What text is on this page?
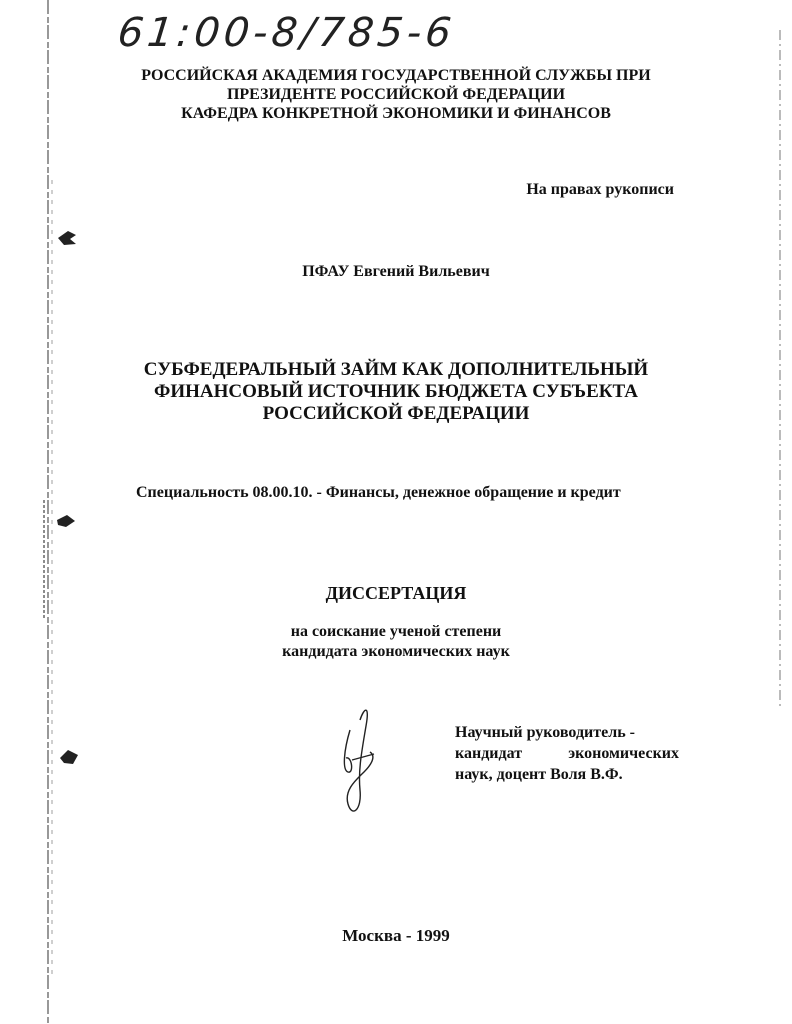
61:00-8/785-6
РОССИЙСКАЯ АКАДЕМИЯ ГОСУДАРСТВЕННОЙ СЛУЖБЫ ПРИ
ПРЕЗИДЕНТЕ РОССИЙСКОЙ ФЕДЕРАЦИИ
КАФЕДРА КОНКРЕТНОЙ ЭКОНОМИКИ И ФИНАНСОВ
На правах рукописи
ПФАУ Евгений Вильевич
СУБФЕДЕРАЛЬНЫЙ ЗАЙМ КАК ДОПОЛНИТЕЛЬНЫЙ
ФИНАНСОВЫЙ ИСТОЧНИК БЮДЖЕТА СУБЪЕКТА
РОССИЙСКОЙ ФЕДЕРАЦИИ
Специальность 08.00.10. - Финансы, денежное обращение и кредит
ДИССЕРТАЦИЯ
на соискание ученой степени
кандидата экономических наук
Научный руководитель -
кандидат	экономических
наук, доцент Воля В.Ф.
Москва - 1999
